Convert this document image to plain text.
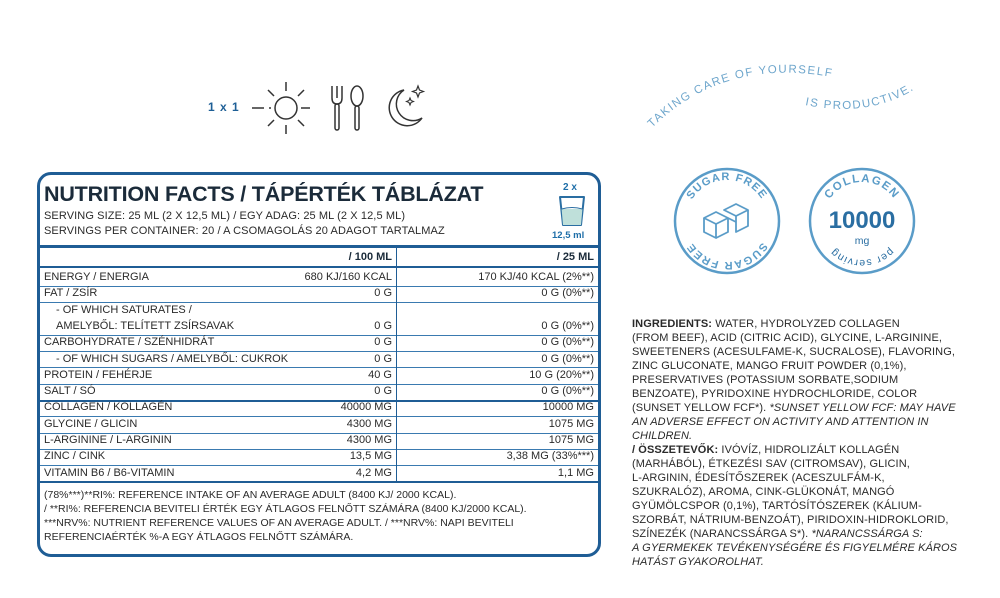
1 x 1
TAKING CARE OF YOURSELF
IS PRODUCTIVE.
SUGAR FREE
SUGAR FREE
COLLAGEN
10000
mg
per serving
NUTRITION FACTS / TÁPÉRTÉK TÁBLÁZAT
SERVING SIZE: 25 ML (2 X 12,5 ML) / EGY ADAG: 25 ML (2 X 12,5 ML)
SERVINGS PER CONTAINER: 20 / A CSOMAGOLÁS 20 ADAGOT TARTALMAZ
2 x
12,5 ml
/ 100 ML	/ 25 ML
ENERGY / ENERGIA	680 KJ/160 KCAL	170 KJ/40 KCAL (2%**)
FAT / ZSÍR	0 G	0 G (0%**)
- OF WHICH SATURATES /
AMELYBŐL: TELÍTETT ZSÍRSAVAK	0 G	0 G (0%**)
CARBOHYDRATE / SZÉNHIDRÁT	0 G	0 G (0%**)
- OF WHICH SUGARS / AMELYBŐL: CUKROK	0 G	0 G (0%**)
PROTEIN / FEHÉRJE	40 G	10 G (20%**)
SALT / SÓ	0 G	0 G (0%**)
COLLAGEN / KOLLAGÉN	40000 MG	10000 MG
GLYCINE / GLICIN	4300 MG	1075 MG
L-ARGININE / L-ARGININ	4300 MG	1075 MG
ZINC / CINK	13,5 MG	3,38 MG (33%***)
VITAMIN B6 / B6-VITAMIN	4,2 MG	1,1 MG
(78%***)**RI%: REFERENCE INTAKE OF AN AVERAGE ADULT (8400 KJ/ 2000 KCAL).
/ **RI%: REFERENCIA BEVITELI ÉRTÉK EGY ÁTLAGOS FELNŐTT SZÁMÁRA (8400 KJ/2000 KCAL).
***NRV%: NUTRIENT REFERENCE VALUES OF AN AVERAGE ADULT. / ***NRV%: NAPI BEVITELI
REFERENCIAÉRTÉK %-A EGY ÁTLAGOS FELNŐTT SZÁMÁRA.
INGREDIENTS: WATER, HYDROLYZED COLLAGEN
(FROM BEEF), ACID (CITRIC ACID), GLYCINE, L-ARGININE,
SWEETENERS (ACESULFAME-K, SUCRALOSE), FLAVORING,
ZINC GLUCONATE, MANGO FRUIT POWDER (0,1%),
PRESERVATIVES (POTASSIUM SORBATE,SODIUM
BENZOATE), PYRIDOXINE HYDROCHLORIDE, COLOR
(SUNSET YELLOW FCF*). *SUNSET YELLOW FCF: MAY HAVE
AN ADVERSE EFFECT ON ACTIVITY AND ATTENTION IN
CHILDREN.
/ ÖSSZETEVŐK: IVÓVÍZ, HIDROLIZÁLT KOLLAGÉN
(MARHÁBÓL), ÉTKEZÉSI SAV (CITROMSAV), GLICIN,
L-ARGININ, ÉDESÍTŐSZEREK (ACESZULFÁM-K,
SZUKRALÓZ), AROMA, CINK-GLÜKONÁT, MANGÓ
GYÜMÖLCSPOR (0,1%), TARTÓSÍTÓSZEREK (KÁLIUM-
SZORBÁT, NÁTRIUM-BENZOÁT), PIRIDOXIN-HIDROKLORID,
SZÍNEZÉK (NARANCSSÁRGA S*). *NARANCSSÁRGA S:
A GYERMEKEK TEVÉKENYSÉGÉRE ÉS FIGYELMÉRE KÁROS
HATÁST GYAKOROLHAT.
